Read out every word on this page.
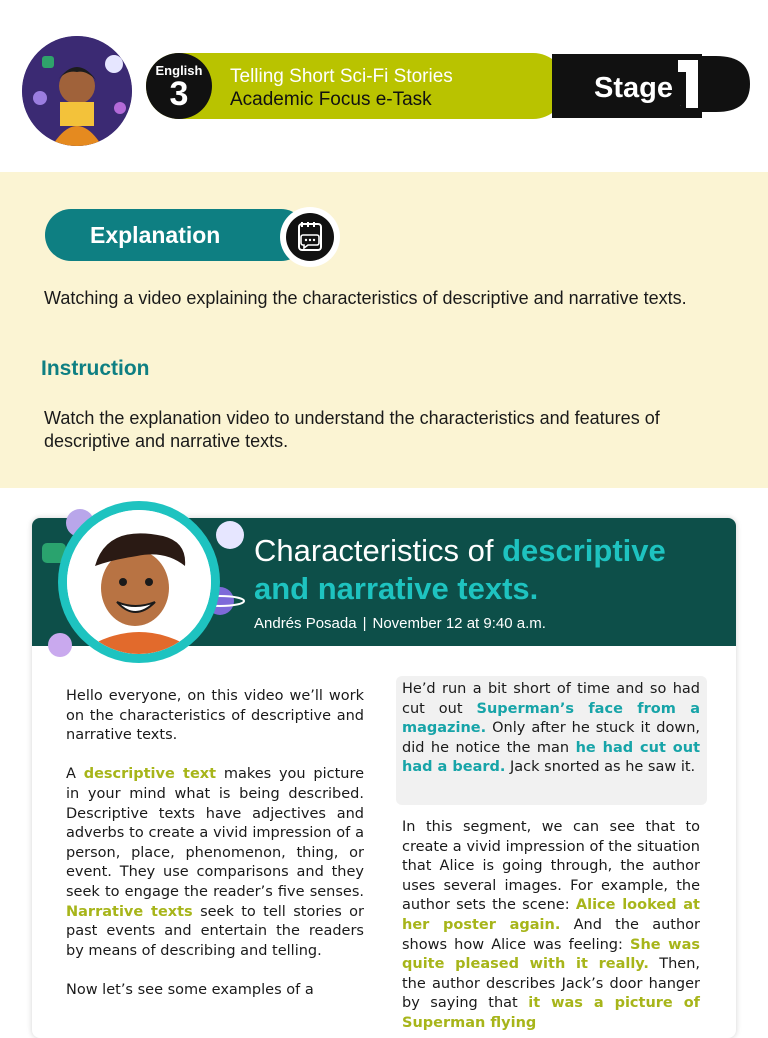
English
3	Telling Short Sci-Fi Stories
Academic Focus e-Task	Stage
1
Explanation
Watching a video explaining the characteristics of descriptive and narrative texts.
Instruction
Watch the explanation video to understand the characteristics and features of descriptive and narrative texts.
Characteristics of descriptive and narrative texts.
Andrés Posada | November 12 at 9:40 a.m.

Hello everyone, on this video we’ll work on the characteristics of descriptive and narrative texts.

A descriptive text makes you picture in your mind what is being described. Descriptive texts have adjectives and adverbs to create a vivid impression of a person, place, phenomenon, thing, or event. They use comparisons and they seek to engage the reader’s five senses. Narrative texts seek to tell stories or past events and entertain the readers by means of describing and telling.

Now let’s see some examples of a

He’d run a bit short of time and so had cut out Superman’s face from a magazine. Only after he stuck it down, did he notice the man he had cut out had a beard. Jack snorted as he saw it.
In this segment, we can see that to create a vivid impression of the situation that Alice is going through, the author uses several images. For example, the author sets the scene: Alice looked at her poster again. And the author shows how Alice was feeling: She was quite pleased with it really. Then, the author describes Jack’s door hanger by saying that it was a picture of Superman flying
